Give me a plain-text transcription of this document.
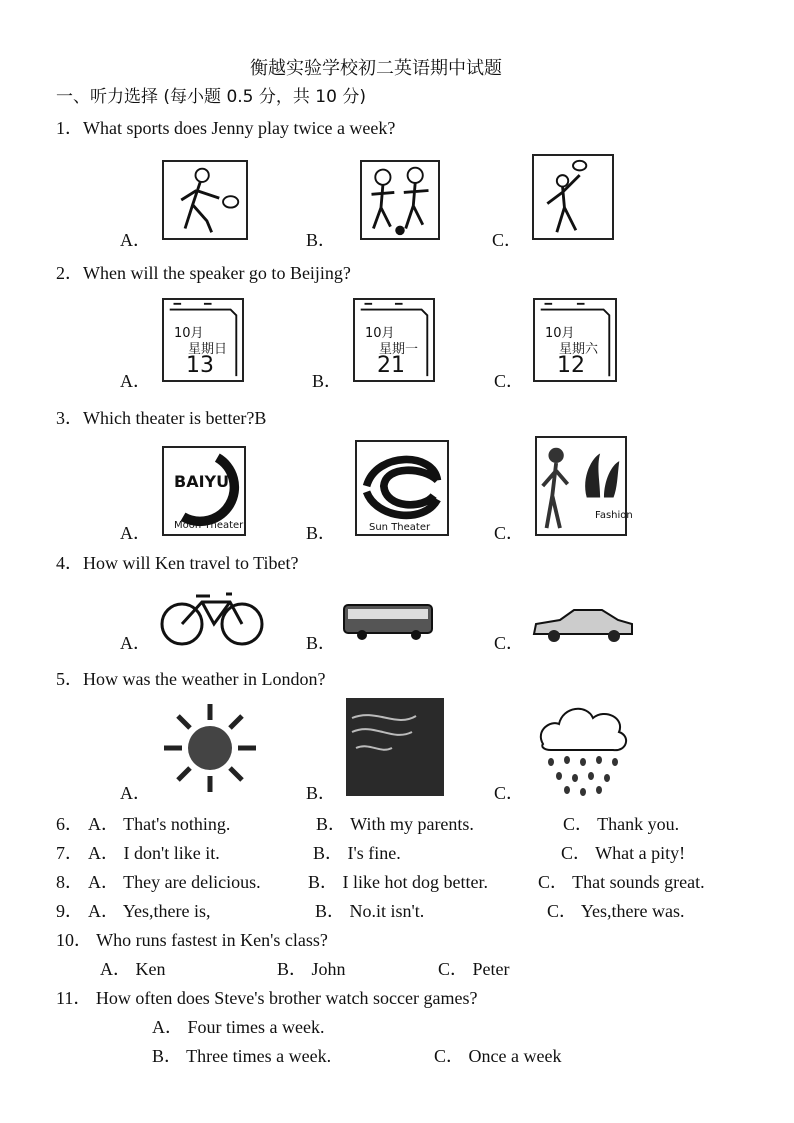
衡越实验学校初二英语期中试题
一、听力选择 (每小题 0.5 分，共 10 分)
1．What sports does Jenny play twice a week?
A．	B．	C．
2．When will the speaker go to Beijing?
A．	B．	C．
10月
星期日
13
10月
星期一
21
10月
星期六
12
3．Which theater is better?B
A．	B．	C．
BAIYU
Moon Theater	Sun Theater
Fashion
4．How will Ken travel to Tibet?
A．	B．	C．
5．How was the weather in London?
A．	B．	C．
6． A． That's nothing.	B． With my parents.	C． Thank you.
7． A． I don't like it.	B． I's fine.	C． What a pity!
8． A． They are delicious.	B． I like hot dog better.	C． That sounds great.
9． A． Yes,there is,	B． No.it isn't.	C． Yes,there was.
10． Who runs fastest in Ken's class?
A． Ken	B． John	C． Peter
11． How often does Steve's brother watch soccer games?
A． Four times a week.
B． Three times a week.	C． Once a week
